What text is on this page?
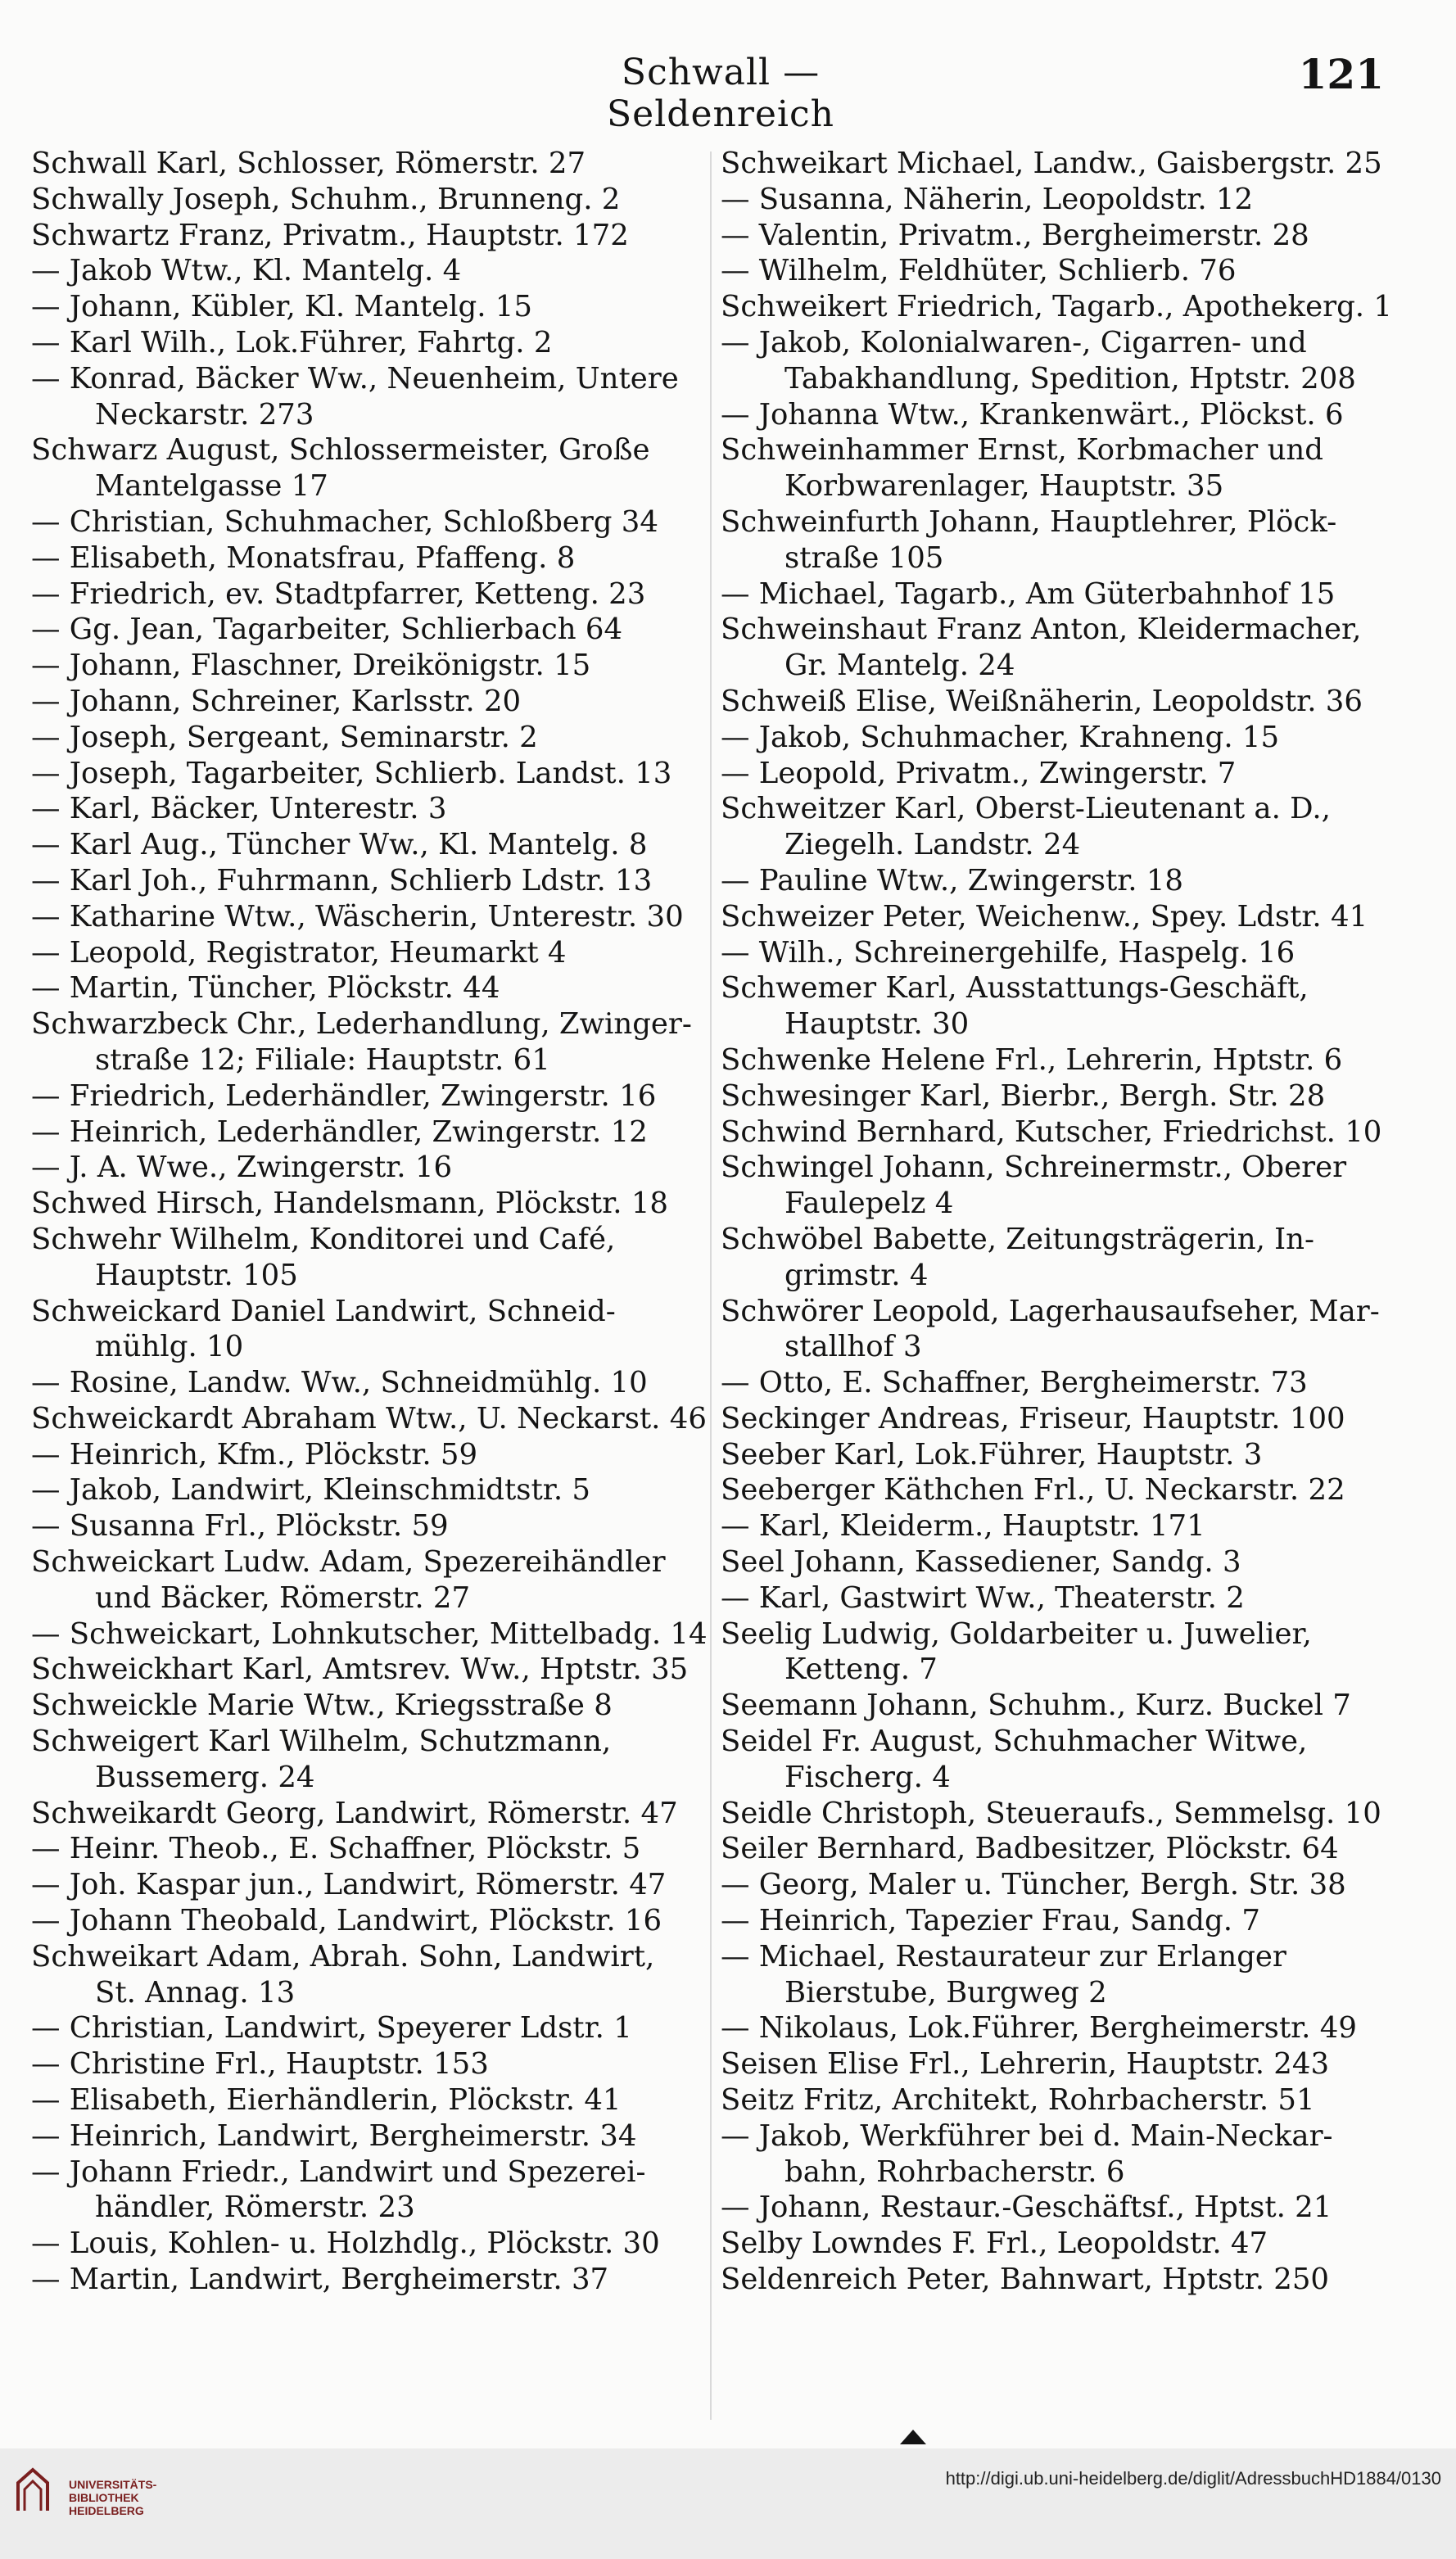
Schwall — Seldenreich
121
Schwall Karl, Schlosser, Römerstr. 27
Schwally Joseph, Schuhm., Brunneng. 2
Schwartz Franz, Privatm., Hauptstr. 172
— Jakob Wtw., Kl. Mantelg. 4
— Johann, Kübler, Kl. Mantelg. 15
— Karl Wilh., Lok.Führer, Fahrtg. 2
— Konrad, Bäcker Ww., Neuenheim, Untere
Neckarstr. 273
Schwarz August, Schlossermeister, Große
Mantelgasse 17
— Christian, Schuhmacher, Schloßberg 34
— Elisabeth, Monatsfrau, Pfaffeng. 8
— Friedrich, ev. Stadtpfarrer, Ketteng. 23
— Gg. Jean, Tagarbeiter, Schlierbach 64
— Johann, Flaschner, Dreikönigstr. 15
— Johann, Schreiner, Karlsstr. 20
— Joseph, Sergeant, Seminarstr. 2
— Joseph, Tagarbeiter, Schlierb. Landst. 13
— Karl, Bäcker, Unterestr. 3
— Karl Aug., Tüncher Ww., Kl. Mantelg. 8
— Karl Joh., Fuhrmann, Schlierb Ldstr. 13
— Katharine Wtw., Wäscherin, Unterestr. 30
— Leopold, Registrator, Heumarkt 4
— Martin, Tüncher, Plöckstr. 44
Schwarzbeck Chr., Lederhandlung, Zwinger-
straße 12; Filiale: Hauptstr. 61
— Friedrich, Lederhändler, Zwingerstr. 16
— Heinrich, Lederhändler, Zwingerstr. 12
— J. A. Wwe., Zwingerstr. 16
Schwed Hirsch, Handelsmann, Plöckstr. 18
Schwehr Wilhelm, Konditorei und Café,
Hauptstr. 105
Schweickard Daniel Landwirt, Schneid-
mühlg. 10
— Rosine, Landw. Ww., Schneidmühlg. 10
Schweickardt Abraham Wtw., U. Neckarst. 46
— Heinrich, Kfm., Plöckstr. 59
— Jakob, Landwirt, Kleinschmidtstr. 5
— Susanna Frl., Plöckstr. 59
Schweickart Ludw. Adam, Spezereihändler
und Bäcker, Römerstr. 27
— Schweickart, Lohnkutscher, Mittelbadg. 14
Schweickhart Karl, Amtsrev. Ww., Hptstr. 35
Schweickle Marie Wtw., Kriegsstraße 8
Schweigert Karl Wilhelm, Schutzmann,
Bussemerg. 24
Schweikardt Georg, Landwirt, Römerstr. 47
— Heinr. Theob., E. Schaffner, Plöckstr. 5
— Joh. Kaspar jun., Landwirt, Römerstr. 47
— Johann Theobald, Landwirt, Plöckstr. 16
Schweikart Adam, Abrah. Sohn, Landwirt,
St. Annag. 13
— Christian, Landwirt, Speyerer Ldstr. 1
— Christine Frl., Hauptstr. 153
— Elisabeth, Eierhändlerin, Plöckstr. 41
— Heinrich, Landwirt, Bergheimerstr. 34
— Johann Friedr., Landwirt und Spezerei-
händler, Römerstr. 23
— Louis, Kohlen- u. Holzhdlg., Plöckstr. 30
— Martin, Landwirt, Bergheimerstr. 37
Schweikart Michael, Landw., Gaisbergstr. 25
— Susanna, Näherin, Leopoldstr. 12
— Valentin, Privatm., Bergheimerstr. 28
— Wilhelm, Feldhüter, Schlierb. 76
Schweikert Friedrich, Tagarb., Apothekerg. 1
— Jakob, Kolonialwaren-, Cigarren- und
Tabakhandlung, Spedition, Hptstr. 208
— Johanna Wtw., Krankenwärt., Plöckst. 6
Schweinhammer Ernst, Korbmacher und
Korbwarenlager, Hauptstr. 35
Schweinfurth Johann, Hauptlehrer, Plöck-
straße 105
— Michael, Tagarb., Am Güterbahnhof 15
Schweinshaut Franz Anton, Kleidermacher,
Gr. Mantelg. 24
Schweiß Elise, Weißnäherin, Leopoldstr. 36
— Jakob, Schuhmacher, Krahneng. 15
— Leopold, Privatm., Zwingerstr. 7
Schweitzer Karl, Oberst-Lieutenant a. D.,
Ziegelh. Landstr. 24
— Pauline Wtw., Zwingerstr. 18
Schweizer Peter, Weichenw., Spey. Ldstr. 41
— Wilh., Schreinergehilfe, Haspelg. 16
Schwemer Karl, Ausstattungs-Geschäft,
Hauptstr. 30
Schwenke Helene Frl., Lehrerin, Hptstr. 6
Schwesinger Karl, Bierbr., Bergh. Str. 28
Schwind Bernhard, Kutscher, Friedrichst. 10
Schwingel Johann, Schreinermstr., Oberer
Faulepelz 4
Schwöbel Babette, Zeitungsträgerin, In-
grimstr. 4
Schwörer Leopold, Lagerhausaufseher, Mar-
stallhof 3
— Otto, E. Schaffner, Bergheimerstr. 73
Seckinger Andreas, Friseur, Hauptstr. 100
Seeber Karl, Lok.Führer, Hauptstr. 3
Seeberger Käthchen Frl., U. Neckarstr. 22
— Karl, Kleiderm., Hauptstr. 171
Seel Johann, Kassediener, Sandg. 3
— Karl, Gastwirt Ww., Theaterstr. 2
Seelig Ludwig, Goldarbeiter u. Juwelier,
Ketteng. 7
Seemann Johann, Schuhm., Kurz. Buckel 7
Seidel Fr. August, Schuhmacher Witwe,
Fischerg. 4
Seidle Christoph, Steueraufs., Semmelsg. 10
Seiler Bernhard, Badbesitzer, Plöckstr. 64
— Georg, Maler u. Tüncher, Bergh. Str. 38
— Heinrich, Tapezier Frau, Sandg. 7
— Michael, Restaurateur zur Erlanger
Bierstube, Burgweg 2
— Nikolaus, Lok.Führer, Bergheimerstr. 49
Seisen Elise Frl., Lehrerin, Hauptstr. 243
Seitz Fritz, Architekt, Rohrbacherstr. 51
— Jakob, Werkführer bei d. Main-Neckar-
bahn, Rohrbacherstr. 6
— Johann, Restaur.-Geschäftsf., Hptst. 21
Selby Lowndes F. Frl., Leopoldstr. 47
Seldenreich Peter, Bahnwart, Hptstr. 250
UNIVERSITÄTS-
BIBLIOTHEK
HEIDELBERG
http://digi.ub.uni-heidelberg.de/diglit/AdressbuchHD1884/0130
